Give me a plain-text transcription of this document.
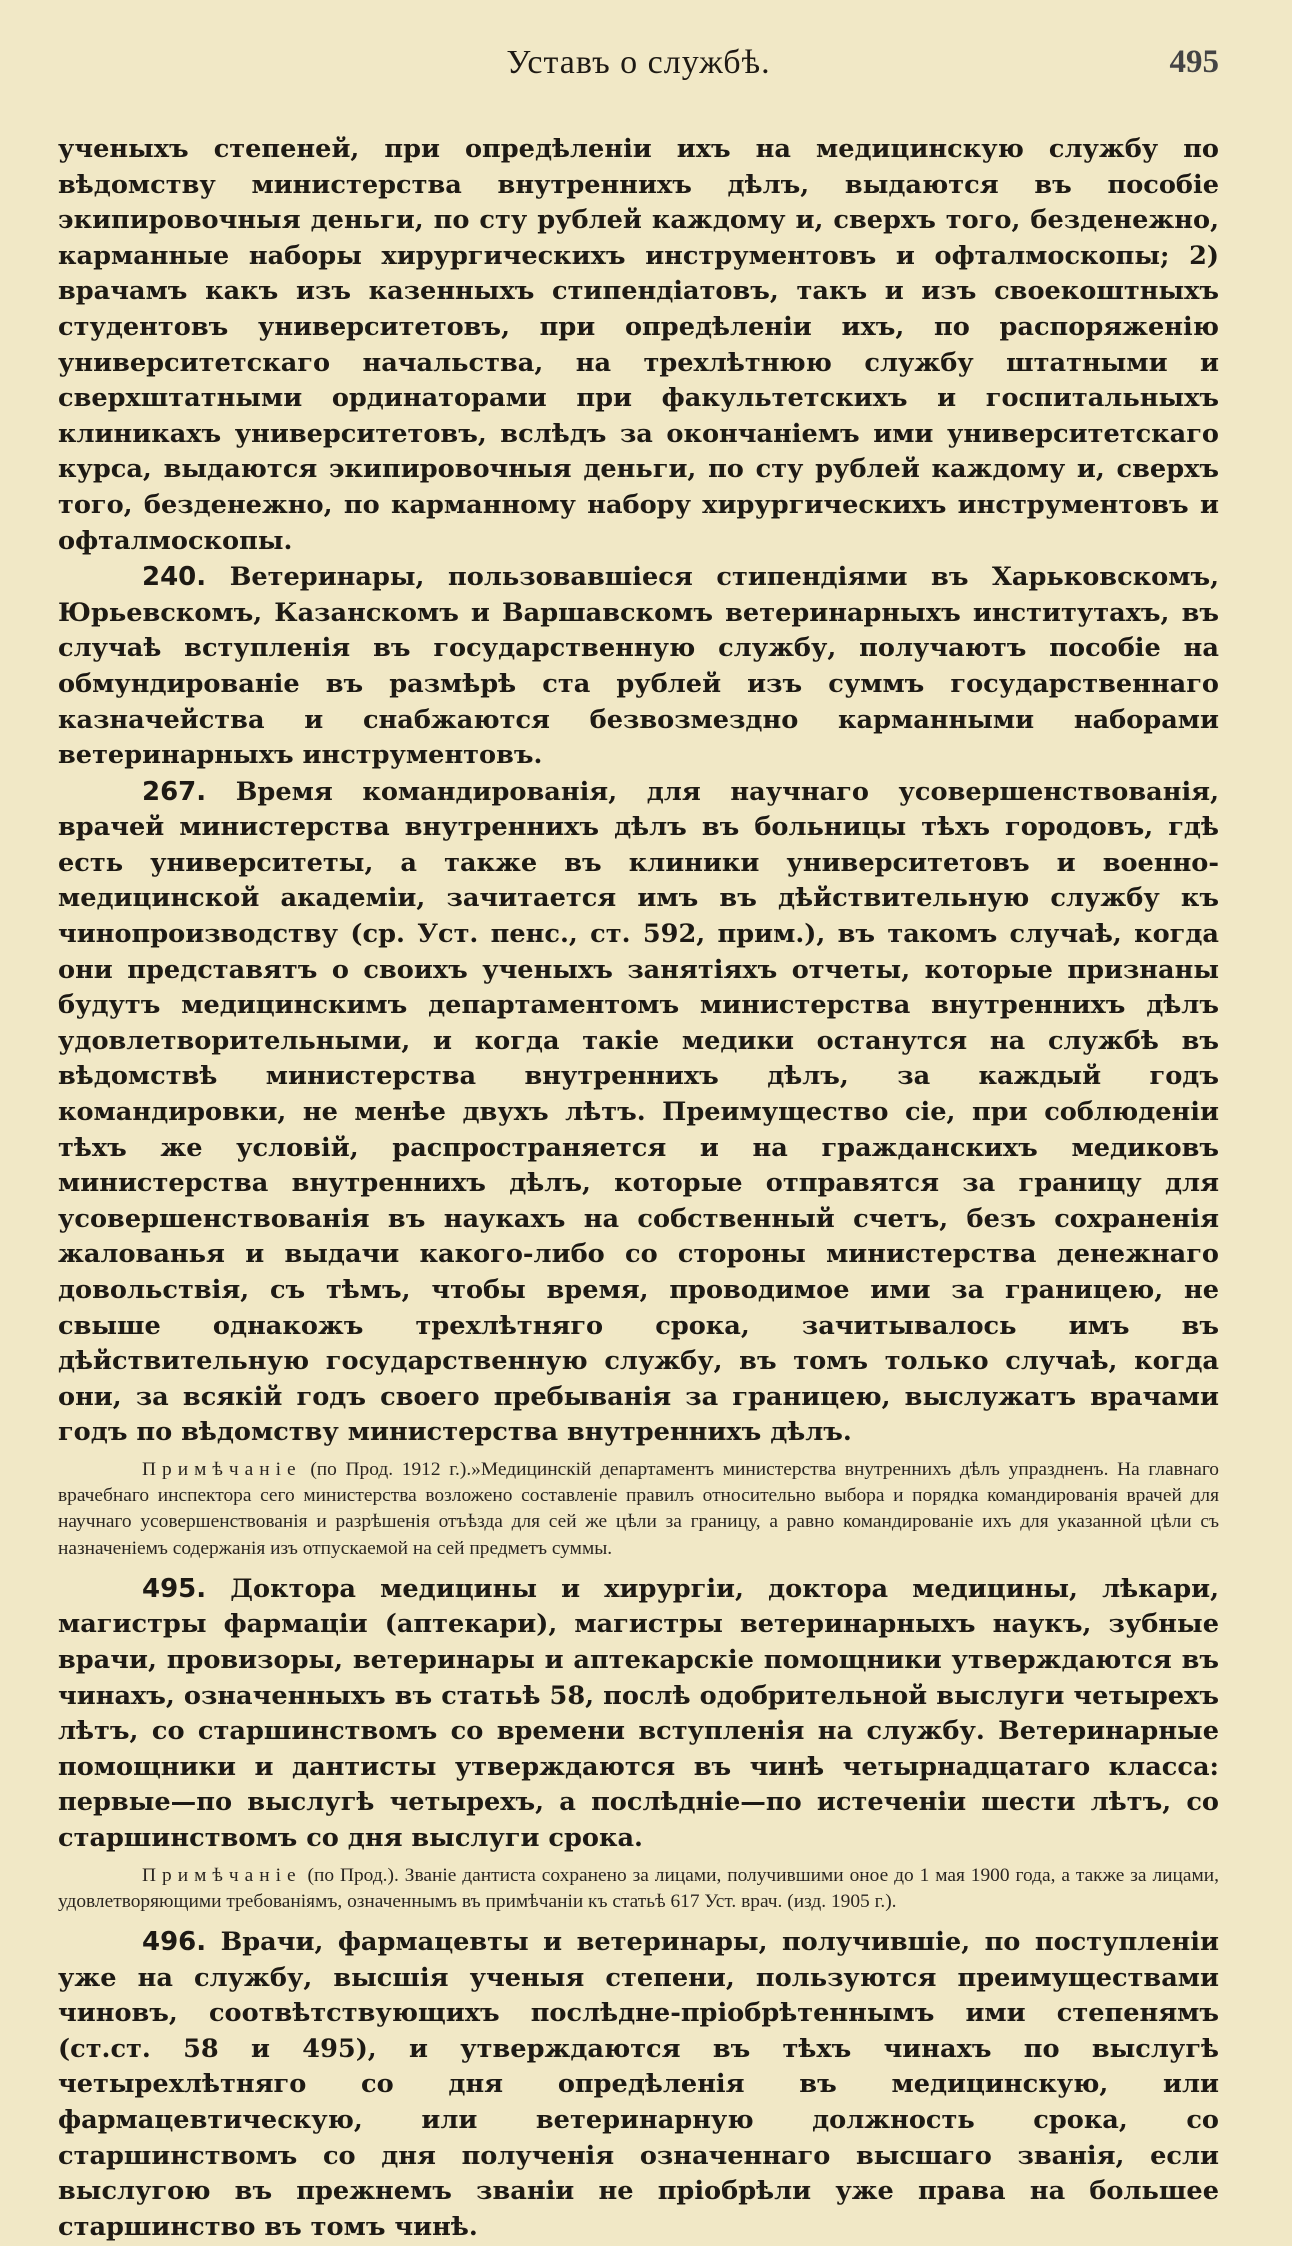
Уставъ о службѣ.	495

ученыхъ степеней, при опредѣленіи ихъ на медицинскую службу по вѣдомству министерства внутреннихъ дѣлъ, выдаются въ пособіе экипировочныя деньги, по сту рублей каждому и, сверхъ того, безденежно, карманные наборы хирургическихъ инструментовъ и офталмоскопы; 2) врачамъ какъ изъ казенныхъ стипендіатовъ, такъ и изъ своекоштныхъ студентовъ университетовъ, при опредѣленіи ихъ, по распоряженію университетскаго начальства, на трехлѣтнюю службу штатными и сверхштатными ординаторами при факультетскихъ и госпитальныхъ клиникахъ университетовъ, вслѣдъ за окончаніемъ ими университетскаго курса, выдаются экипировочныя деньги, по сту рублей каждому и, сверхъ того, безденежно, по карманному набору хирургическихъ инструментовъ и офталмоскопы.

240. Ветеринары, пользовавшіеся стипендіями въ Харьковскомъ, Юрьевскомъ, Казанскомъ и Варшавскомъ ветеринарныхъ институтахъ, въ случаѣ вступленія въ государственную службу, получаютъ пособіе на обмундированіе въ размѣрѣ ста рублей изъ суммъ государственнаго казначейства и снабжаются безвозмездно карманными наборами ветеринарныхъ инструментовъ.

267. Время командированія, для научнаго усовершенствованія, врачей министерства внутреннихъ дѣлъ въ больницы тѣхъ городовъ, гдѣ есть университеты, а также въ клиники университетовъ и военно-медицинской академіи, зачитается имъ въ дѣйствительную службу къ чинопроизводству (ср. Уст. пенс., ст. 592, прим.), въ такомъ случаѣ, когда они представятъ о своихъ ученыхъ занятіяхъ отчеты, которые признаны будутъ медицинскимъ департаментомъ министерства внутреннихъ дѣлъ удовлетворительными, и когда такіе медики останутся на службѣ въ вѣдомствѣ министерства внутреннихъ дѣлъ, за каждый годъ командировки, не менѣе двухъ лѣтъ. Преимущество сіе, при соблюденіи тѣхъ же условій, распространяется и на гражданскихъ медиковъ министерства внутреннихъ дѣлъ, которые отправятся за границу для усовершенствованія въ наукахъ на собственный счетъ, безъ сохраненія жалованья и выдачи какого-либо со стороны министерства денежнаго довольствія, съ тѣмъ, чтобы время, проводимое ими за границею, не свыше однакожъ трехлѣтняго срока, зачитывалось имъ въ дѣйствительную государственную службу, въ томъ только случаѣ, когда они, за всякій годъ своего пребыванія за границею, выслужатъ врачами годъ по вѣдомству министерства внутреннихъ дѣлъ.

Примѣчаніе (по Прод. 1912 г.).»Медицинскій департаментъ министерства внутреннихъ дѣлъ упраздненъ. На главнаго врачебнаго инспектора сего министерства возложено составленіе правилъ относительно выбора и порядка командированія врачей для научнаго усовершенствованія и разрѣшенія отъѣзда для сей же цѣли за границу, а равно командированіе ихъ для указанной цѣли съ назначеніемъ содержанія изъ отпускаемой на сей предметъ суммы.

495. Доктора медицины и хирургіи, доктора медицины, лѣкари, магистры фармаціи (аптекари), магистры ветеринарныхъ наукъ, зубные врачи, провизоры, ветеринары и аптекарскіе помощники утверждаются въ чинахъ, означенныхъ въ статьѣ 58, послѣ одобрительной выслуги четырехъ лѣтъ, со старшинствомъ со времени вступленія на службу. Ветеринарные помощники и дантисты утверждаются въ чинѣ четырнадцатаго класса: первые—по выслугѣ четырехъ, а послѣдніе—по истеченіи шести лѣтъ, со старшинствомъ со дня выслуги срока.

Примѣчаніе (по Прод.). Званіе дантиста сохранено за лицами, получившими оное до 1 мая 1900 года, а также за лицами, удовлетворяющими требованіямъ, означеннымъ въ примѣчаніи къ статьѣ 617 Уст. врач. (изд. 1905 г.).

496. Врачи, фармацевты и ветеринары, получившіе, по поступленіи уже на службу, высшія ученыя степени, пользуются преимуществами чиновъ, соотвѣтствующихъ послѣдне-пріобрѣтеннымъ ими степенямъ (ст.ст. 58 и 495), и утверждаются въ тѣхъ чинахъ по выслугѣ четырехлѣтняго со дня опредѣленія въ медицинскую, или фармацевтическую, или ветеринарную должность срока, со старшинствомъ со дня полученія означеннаго высшаго званія, если выслугою въ прежнемъ званіи не пріобрѣли уже права на большее старшинство въ томъ чинѣ.
